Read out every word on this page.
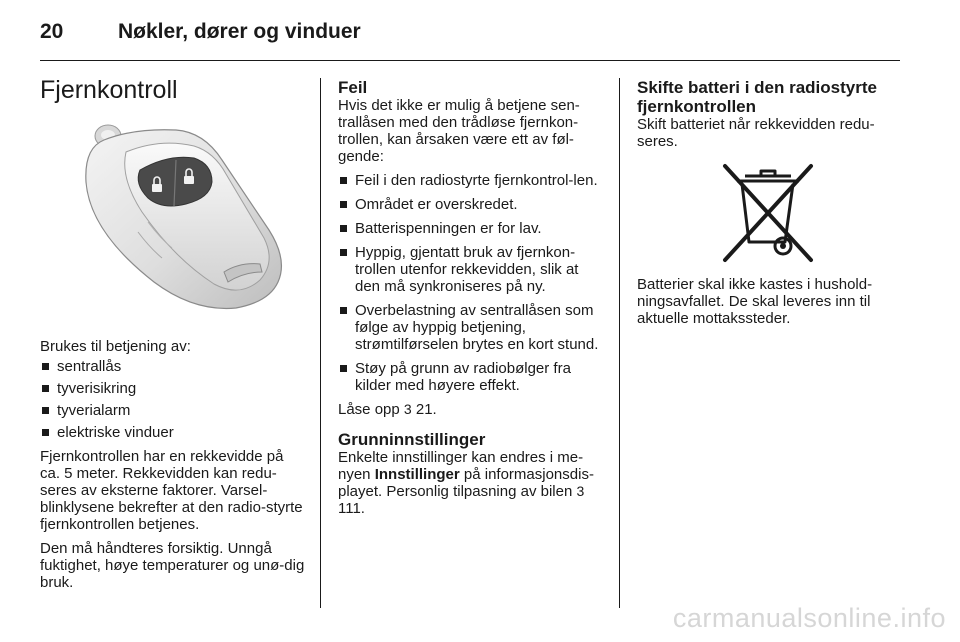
20	Nøkler, dører og vinduer
Fjernkontroll

Brukes til betjening av:

sentrallås
tyverisikring
tyverialarm
elektriske vinduer

Fjernkontrollen har en rekkevidde på ca. 5 meter. Rekkevidden kan redu-seres av eksterne faktorer. Varsel-blinklysene bekrefter at den radio-styrte fjernkontrollen betjenes.

Den må håndteres forsiktig. Unngå fuktighet, høye temperaturer og unø-dig bruk.

Feil

Hvis det ikke er mulig å betjene sen-trallåsen med den trådløse fjernkon-trollen, kan årsaken være ett av føl-gende:

Feil i den radiostyrte fjernkontrol-len.
Området er overskredet.
Batterispenningen er for lav.
Hyppig, gjentatt bruk av fjernkon-trollen utenfor rekkevidden, slik at den må synkroniseres på ny.
Overbelastning av sentrallåsen som følge av hyppig betjening, strømtilførselen brytes en kort stund.
Støy på grunn av radiobølger fra kilder med høyere effekt.

Låse opp 3 21.

Grunninnstillinger

Enkelte innstillinger kan endres i me-nyen Innstillinger på informasjonsdis-playet. Personlig tilpasning av bilen 3 111.

Skifte batteri i den radiostyrte fjernkontrollen

Skift batteriet når rekkevidden redu-seres.

Batterier skal ikke kastes i hushold-ningsavfallet. De skal leveres inn til aktuelle mottakssteder.

carmanualsonline.info
